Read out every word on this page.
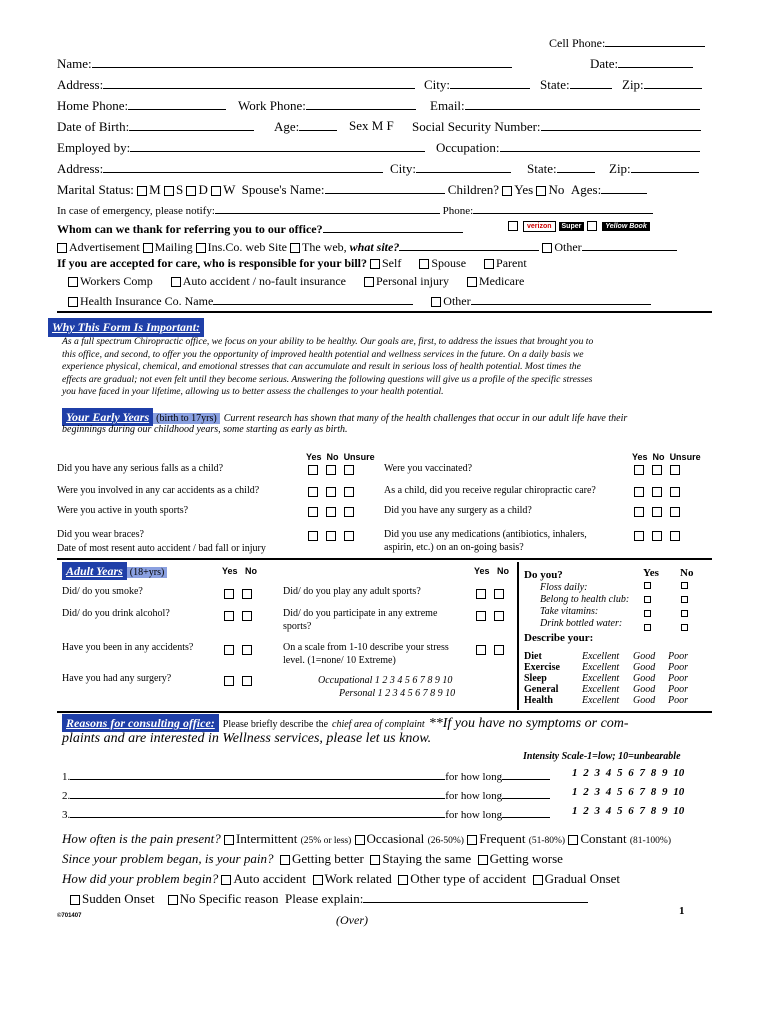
Cell Phone:
Name:	Date:
Address:	City:	State:	Zip:
Home Phone:	Work Phone:	Email:
Date of Birth:	Age:	Sex M F Social Security Number:
Employed by:	Occupation:
Address:	City:	State:	Zip:
Marital Status: M S D W Spouse's Name:	Children? Yes No Ages:
In case of emergency, please notify:	Phone:
Whom can we thank for referring you to our office?	verizon Super	Yellow Book
Advertisement Mailing Ins.Co. web Site The web, what site?	Other
If you are accepted for care, who is responsible for your bill? Self	Spouse	Parent
Workers Comp	Auto accident / no-fault insurance	Personal injury	Medicare
Health Insurance Co. Name	Other
Why This Form Is Important:
As a full spectrum Chiropractic office, we focus on your ability to be healthy. Our goals are, first, to address the issues that brought you to
this office, and second, to offer you the opportunity of improved health potential and wellness services in the future. On a daily basis we
experience physical, chemical, and emotional stresses that can accumulate and result in serious loss of health potential. Most times the
effects are gradual; not even felt until they become serious. Answering the following questions will give us a profile of the specific stresses
you have faced in your lifetime, allowing us to better assess the challenges to your health potential.
Your Early Years (birth to 17yrs) Current research has shown that many of the health challenges that occur in our adult life have their
beginnings during our childhood years, some starting as early as birth.
Yes No Unsure	Yes No Unsure
Did you have any serious falls as a child?	Were you vaccinated?
Were you involved in any car accidents as a child?	As a child, did you receive regular chiropractic care?
Were you active in youth sports?	Did you have any surgery as a child?
Did you wear braces?	Did you use any medications (antibiotics, inhalers,
aspirin, etc.) on an on-going basis?
Date of most resent auto accident / bad fall or injury
Adult Years (18+yrs)	Yes No	Yes No
Did/ do you smoke?	Did/ do you play any adult sports?
Did/ do you drink alcohol?	Did/ do you participate in any extreme
sports?
Have you been in any accidents?	On a scale from 1-10 describe your stress
level. (1=none/ 10 Extreme)
Have you had any surgery?	Occupational 1 2 3 4 5 6 7 8 9 10
Personal 1 2 3 4 5 6 7 8 9 10
Do you?	Yes No
Floss daily:
Belong to health club:
Take vitamins:
Drink bottled water:
Describe your:
Diet	Excellent Good Poor
Exercise Excellent Good Poor
Sleep	Excellent Good Poor
General Excellent Good Poor
Health	Excellent Good Poor
Reasons for consulting office: Please briefly describe the chief area of complaint **If you have no symptoms or com-
plaints and are interested in Wellness services, please let us know.
Intensity Scale-1=low; 10=unbearable
1.	for how long	1 2 3 4 5 6 7 8 9 10
2.	for how long	1 2 3 4 5 6 7 8 9 10
3.	for how long	1 2 3 4 5 6 7 8 9 10
How often is the pain present? Intermittent (25% or less) Occasional (26-50%) Frequent (51-80%) Constant (81-100%)
Since your problem began, is your pain? Getting better Staying the same Getting worse
How did your problem begin? Auto accident Work related Other type of accident Gradual Onset
Sudden Onset No Specific reason Please explain:
©701407	(Over)
1
